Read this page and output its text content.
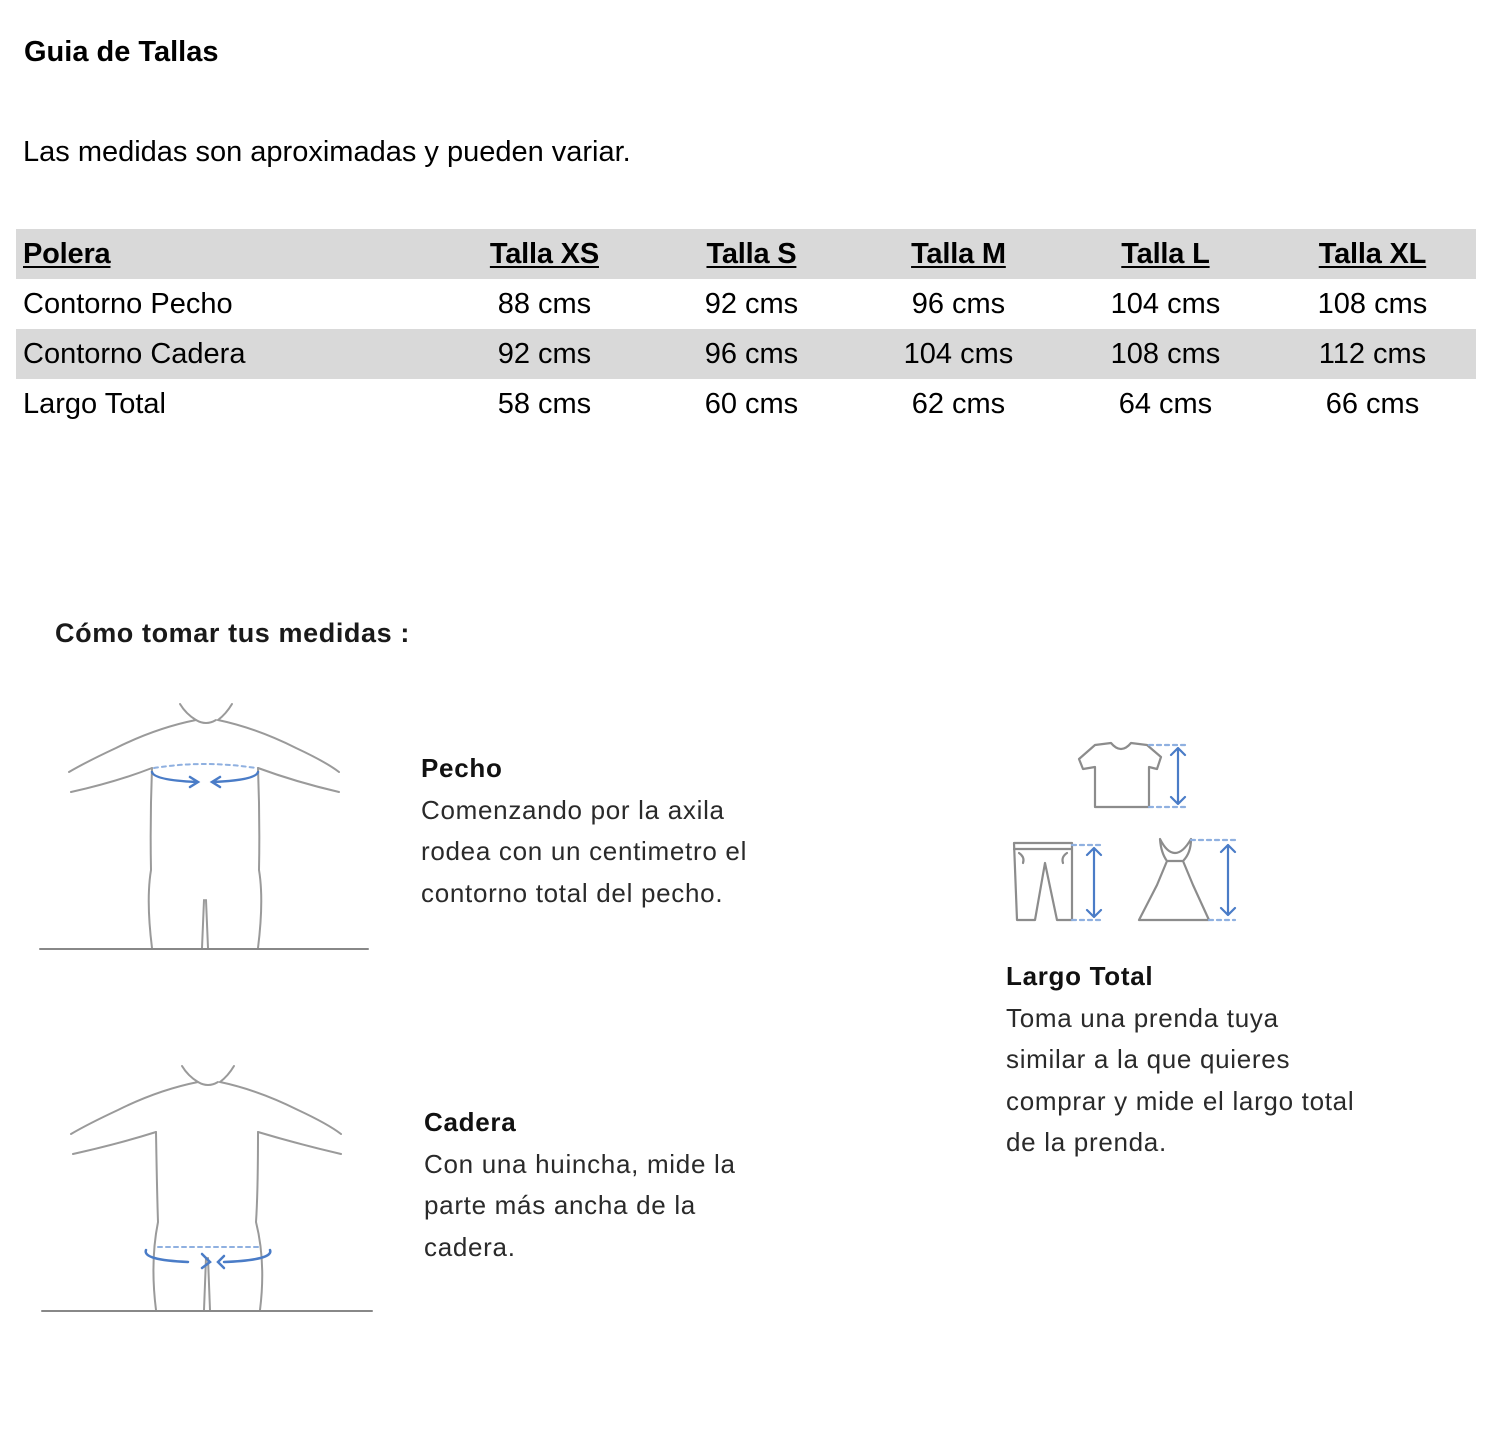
Guia de Tallas

Las medidas son aproximadas y pueden variar.

Polera	Talla XS	Talla S	Talla M	Talla L	Talla XL
Contorno Pecho	88 cms	92 cms	96 cms	104 cms	108 cms
Contorno Cadera	92 cms	96 cms	104 cms	108 cms	112 cms
Largo Total	58 cms	60 cms	62 cms	64 cms	66 cms
Cómo tomar tus medidas :
Pecho
Comenzando por la axila
rodea con un centimetro el
contorno total del pecho.
Cadera
Con una huincha, mide la
parte más ancha de la
cadera.
Largo Total
Toma una prenda tuya
similar a la que quieres
comprar y mide el largo total
de la prenda.
